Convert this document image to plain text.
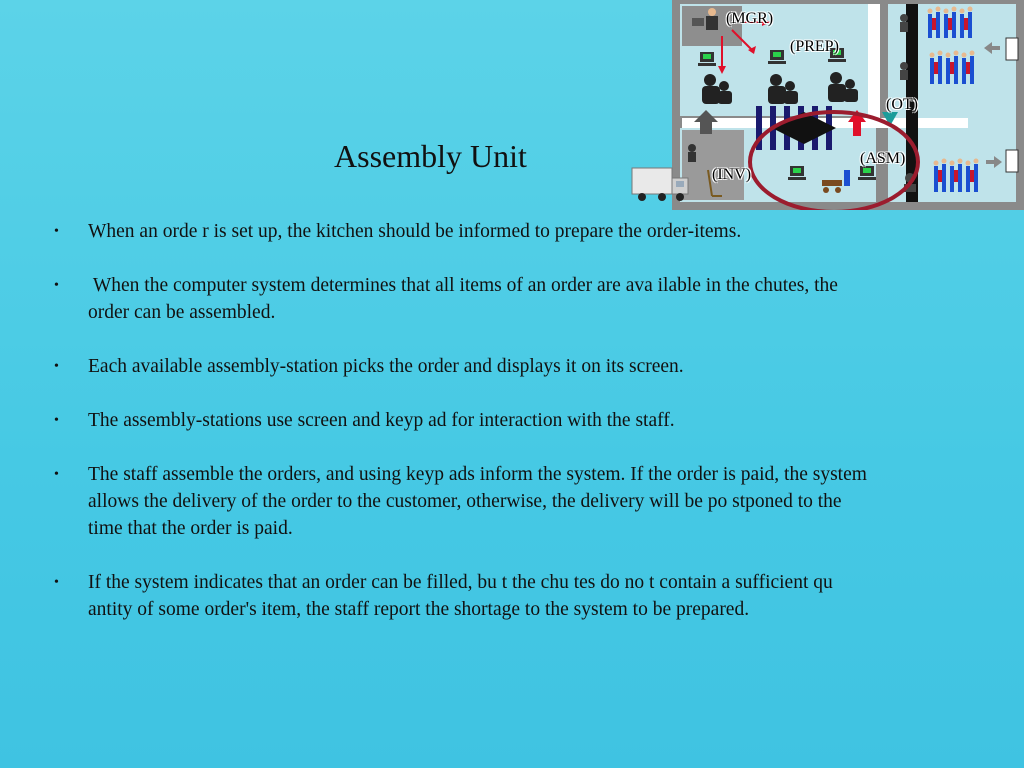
(MGR)
(PREP)
(OT)
(ASM)
(INV)
Assembly Unit
• When an orde r is set up, the kitchen should be informed to prepare the order-items.
• When the computer system determines that all items of an order are ava ilable in the chutes, the order can be assembled.
• Each available assembly-station picks the order and displays it on its screen.
• The assembly-stations use screen and keyp ad for interaction with the staff.
• The staff assemble the orders, and using keyp ads inform the system. If the order is paid, the system allows the delivery of the order to the customer, otherwise, the delivery will be po stponed to the time that the order is paid.
• If the system indicates that an order can be filled, bu t the chu tes do no t contain a sufficient qu antity of some order's item, the staff report the shortage to the system to be prepared.
